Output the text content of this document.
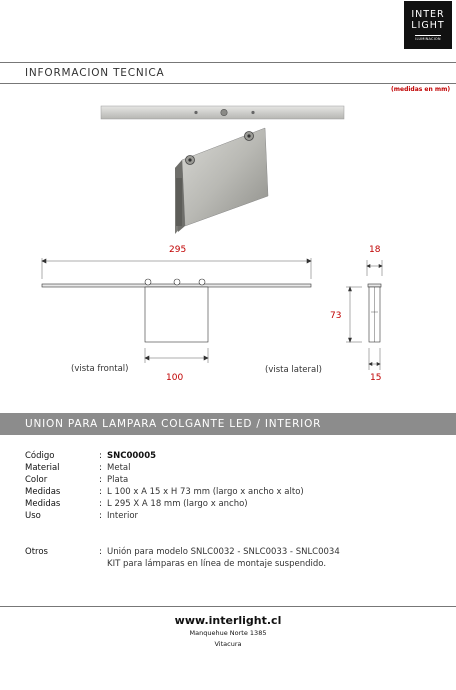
INTER
LIGHT
ILUMINACION
INFORMACION TECNICA
(medidas en mm)
295	18
73
100	15
(vista frontal)	(vista lateral)
UNION PARA LAMPARA COLGANTE LED / INTERIOR
Código	: SNC00005
Material	: Metal
Color	: Plata
Medidas	: L 100 x A 15 x H 73 mm (largo x ancho x alto)
Medidas	: L 295 X A 18 mm (largo x ancho)
Uso	: Interior
Otros	: Unión para modelo SNLC0032 - SNLC0033 - SNLC0034
KIT para lámparas en línea de montaje suspendido.
www.interlight.cl
Manquehue Norte 1385
Vitacura
